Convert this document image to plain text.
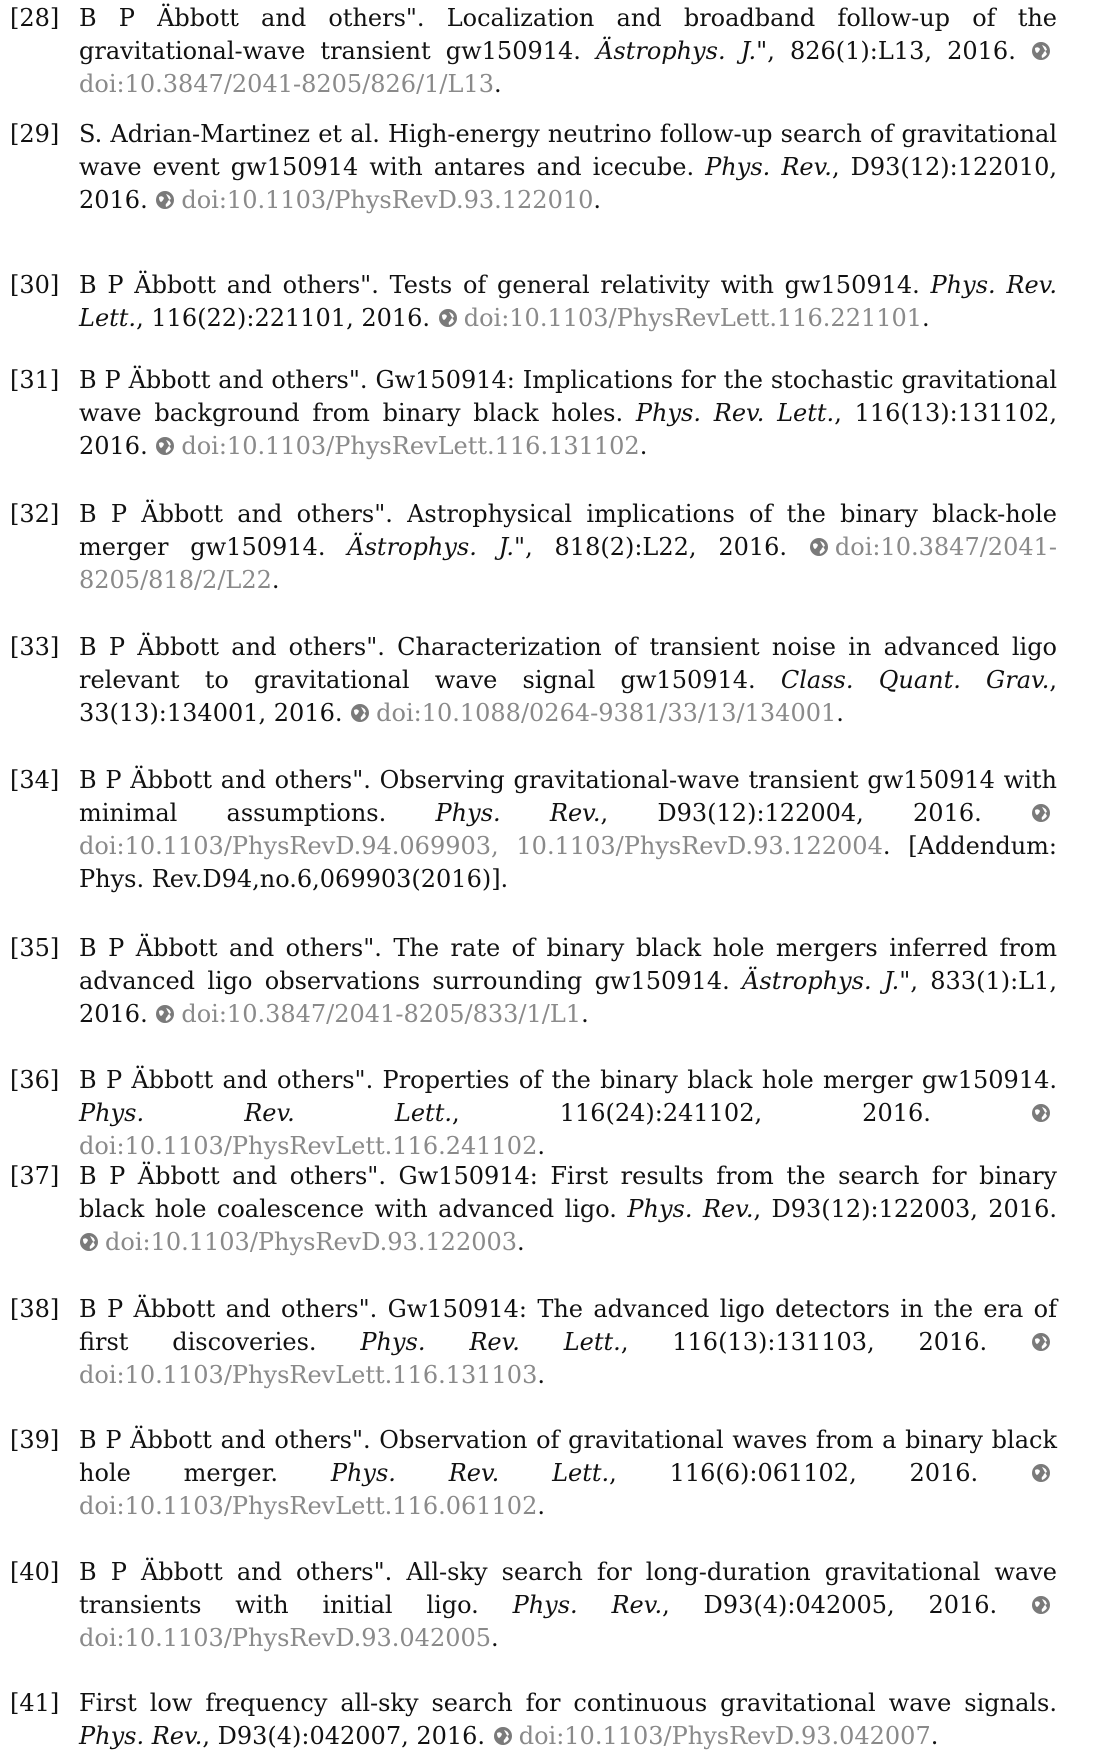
[28] B P Äbbott and others". Localization and broadband follow-up of the gravitational-wave transient gw150914. Ästrophys. J.", 826(1):L13, 2016. doi:10.3847/2041-8205/826/1/L13.
[29] S. Adrian-Martinez et al. High-energy neutrino follow-up search of gravitational wave event gw150914 with antares and icecube. Phys. Rev., D93(12):122010, 2016. doi:10.1103/PhysRevD.93.122010.
[30] B P Äbbott and others". Tests of general relativity with gw150914. Phys. Rev. Lett., 116(22):221101, 2016. doi:10.1103/PhysRevLett.116.221101.
[31] B P Äbbott and others". Gw150914: Implications for the stochastic gravitational wave background from binary black holes. Phys. Rev. Lett., 116(13):131102, 2016. doi:10.1103/PhysRevLett.116.131102.
[32] B P Äbbott and others". Astrophysical implications of the binary black-hole merger gw150914. Ästrophys. J.", 818(2):L22, 2016. doi:10.3847/2041-8205/818/2/L22.
[33] B P Äbbott and others". Characterization of transient noise in advanced ligo relevant to gravitational wave signal gw150914. Class. Quant. Grav., 33(13):134001, 2016. doi:10.1088/0264-9381/33/13/134001.
[34] B P Äbbott and others". Observing gravitational-wave transient gw150914 with minimal assumptions. Phys. Rev., D93(12):122004, 2016. doi:10.1103/PhysRevD.94.069903, 10.1103/PhysRevD.93.122004. [Addendum: Phys. Rev.D94,no.6,069903(2016)].
[35] B P Äbbott and others". The rate of binary black hole mergers inferred from advanced ligo observations surrounding gw150914. Ästrophys. J.", 833(1):L1, 2016. doi:10.3847/2041-8205/833/1/L1.
[36] B P Äbbott and others". Properties of the binary black hole merger gw150914. Phys. Rev. Lett., 116(24):241102, 2016. doi:10.1103/PhysRevLett.116.241102.
[37] B P Äbbott and others". Gw150914: First results from the search for binary black hole coalescence with advanced ligo. Phys. Rev., D93(12):122003, 2016. doi:10.1103/PhysRevD.93.122003.
[38] B P Äbbott and others". Gw150914: The advanced ligo detectors in the era of first discoveries. Phys. Rev. Lett., 116(13):131103, 2016. doi:10.1103/PhysRevLett.116.131103.
[39] B P Äbbott and others". Observation of gravitational waves from a binary black hole merger. Phys. Rev. Lett., 116(6):061102, 2016. doi:10.1103/PhysRevLett.116.061102.
[40] B P Äbbott and others". All-sky search for long-duration gravitational wave transients with initial ligo. Phys. Rev., D93(4):042005, 2016. doi:10.1103/PhysRevD.93.042005.
[41] First low frequency all-sky search for continuous gravitational wave signals. Phys. Rev., D93(4):042007, 2016. doi:10.1103/PhysRevD.93.042007.
